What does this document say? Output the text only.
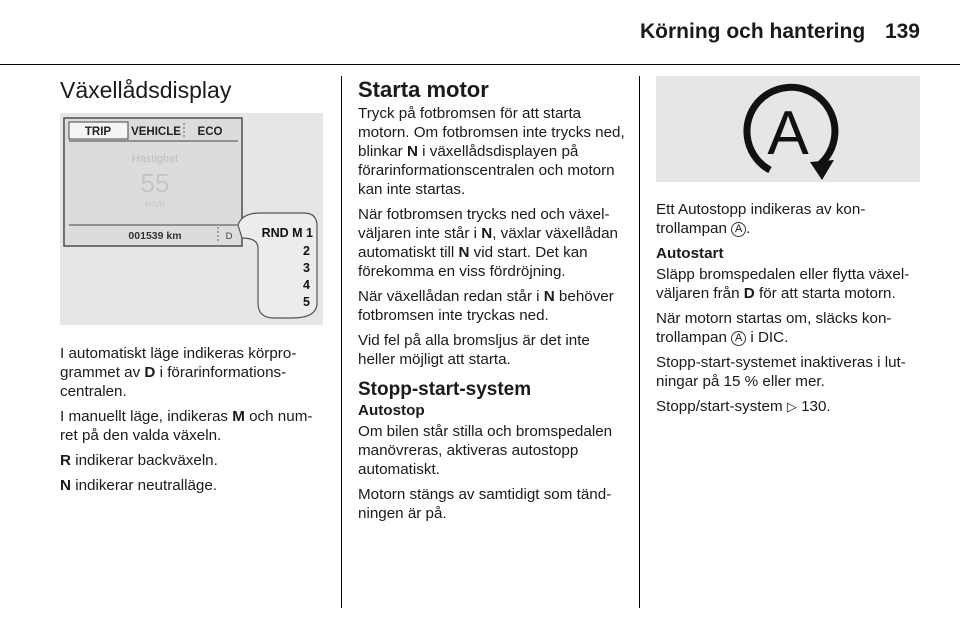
Körning och hantering 139
Växellådsdisplay
TRIP VEHICLE ECO
Hastighet
55
km/h
001539 km	D RND M 1
2
3
4
5

I automatiskt läge indikeras körprogrammet av D i förarinformationscentralen.

I manuellt läge, indikeras M och numret på den valda växeln.

R indikerar backväxeln.

N indikerar neutralläge.

Starta motor

Tryck på fotbromsen för att starta motorn. Om fotbromsen inte trycks ned, blinkar N i växellådsdisplayen på förarinformationscentralen och motorn kan inte startas.

När fotbromsen trycks ned och växelväljaren inte står i N, växlar växellådan automatiskt till N vid start. Det kan förekomma en viss fördröjning.

När växellådan redan står i N behöver fotbromsen inte tryckas ned.

Vid fel på alla bromsljus är det inte heller möjligt att starta.

Stopp-start-system
Autostop

Om bilen står stilla och bromspedalen manövreras, aktiveras autostopp automatiskt.

Motorn stängs av samtidigt som tändningen är på.

A

Ett Autostopp indikeras av kontrollampan A .

Autostart

Släpp bromspedalen eller flytta växelväljaren från D för att starta motorn.

När motorn startas om, släcks kontrollampan A i DIC.

Stopp-start-systemet inaktiveras i lutningar på 15 % eller mer.

Stopp/start-system ▷ 130.
